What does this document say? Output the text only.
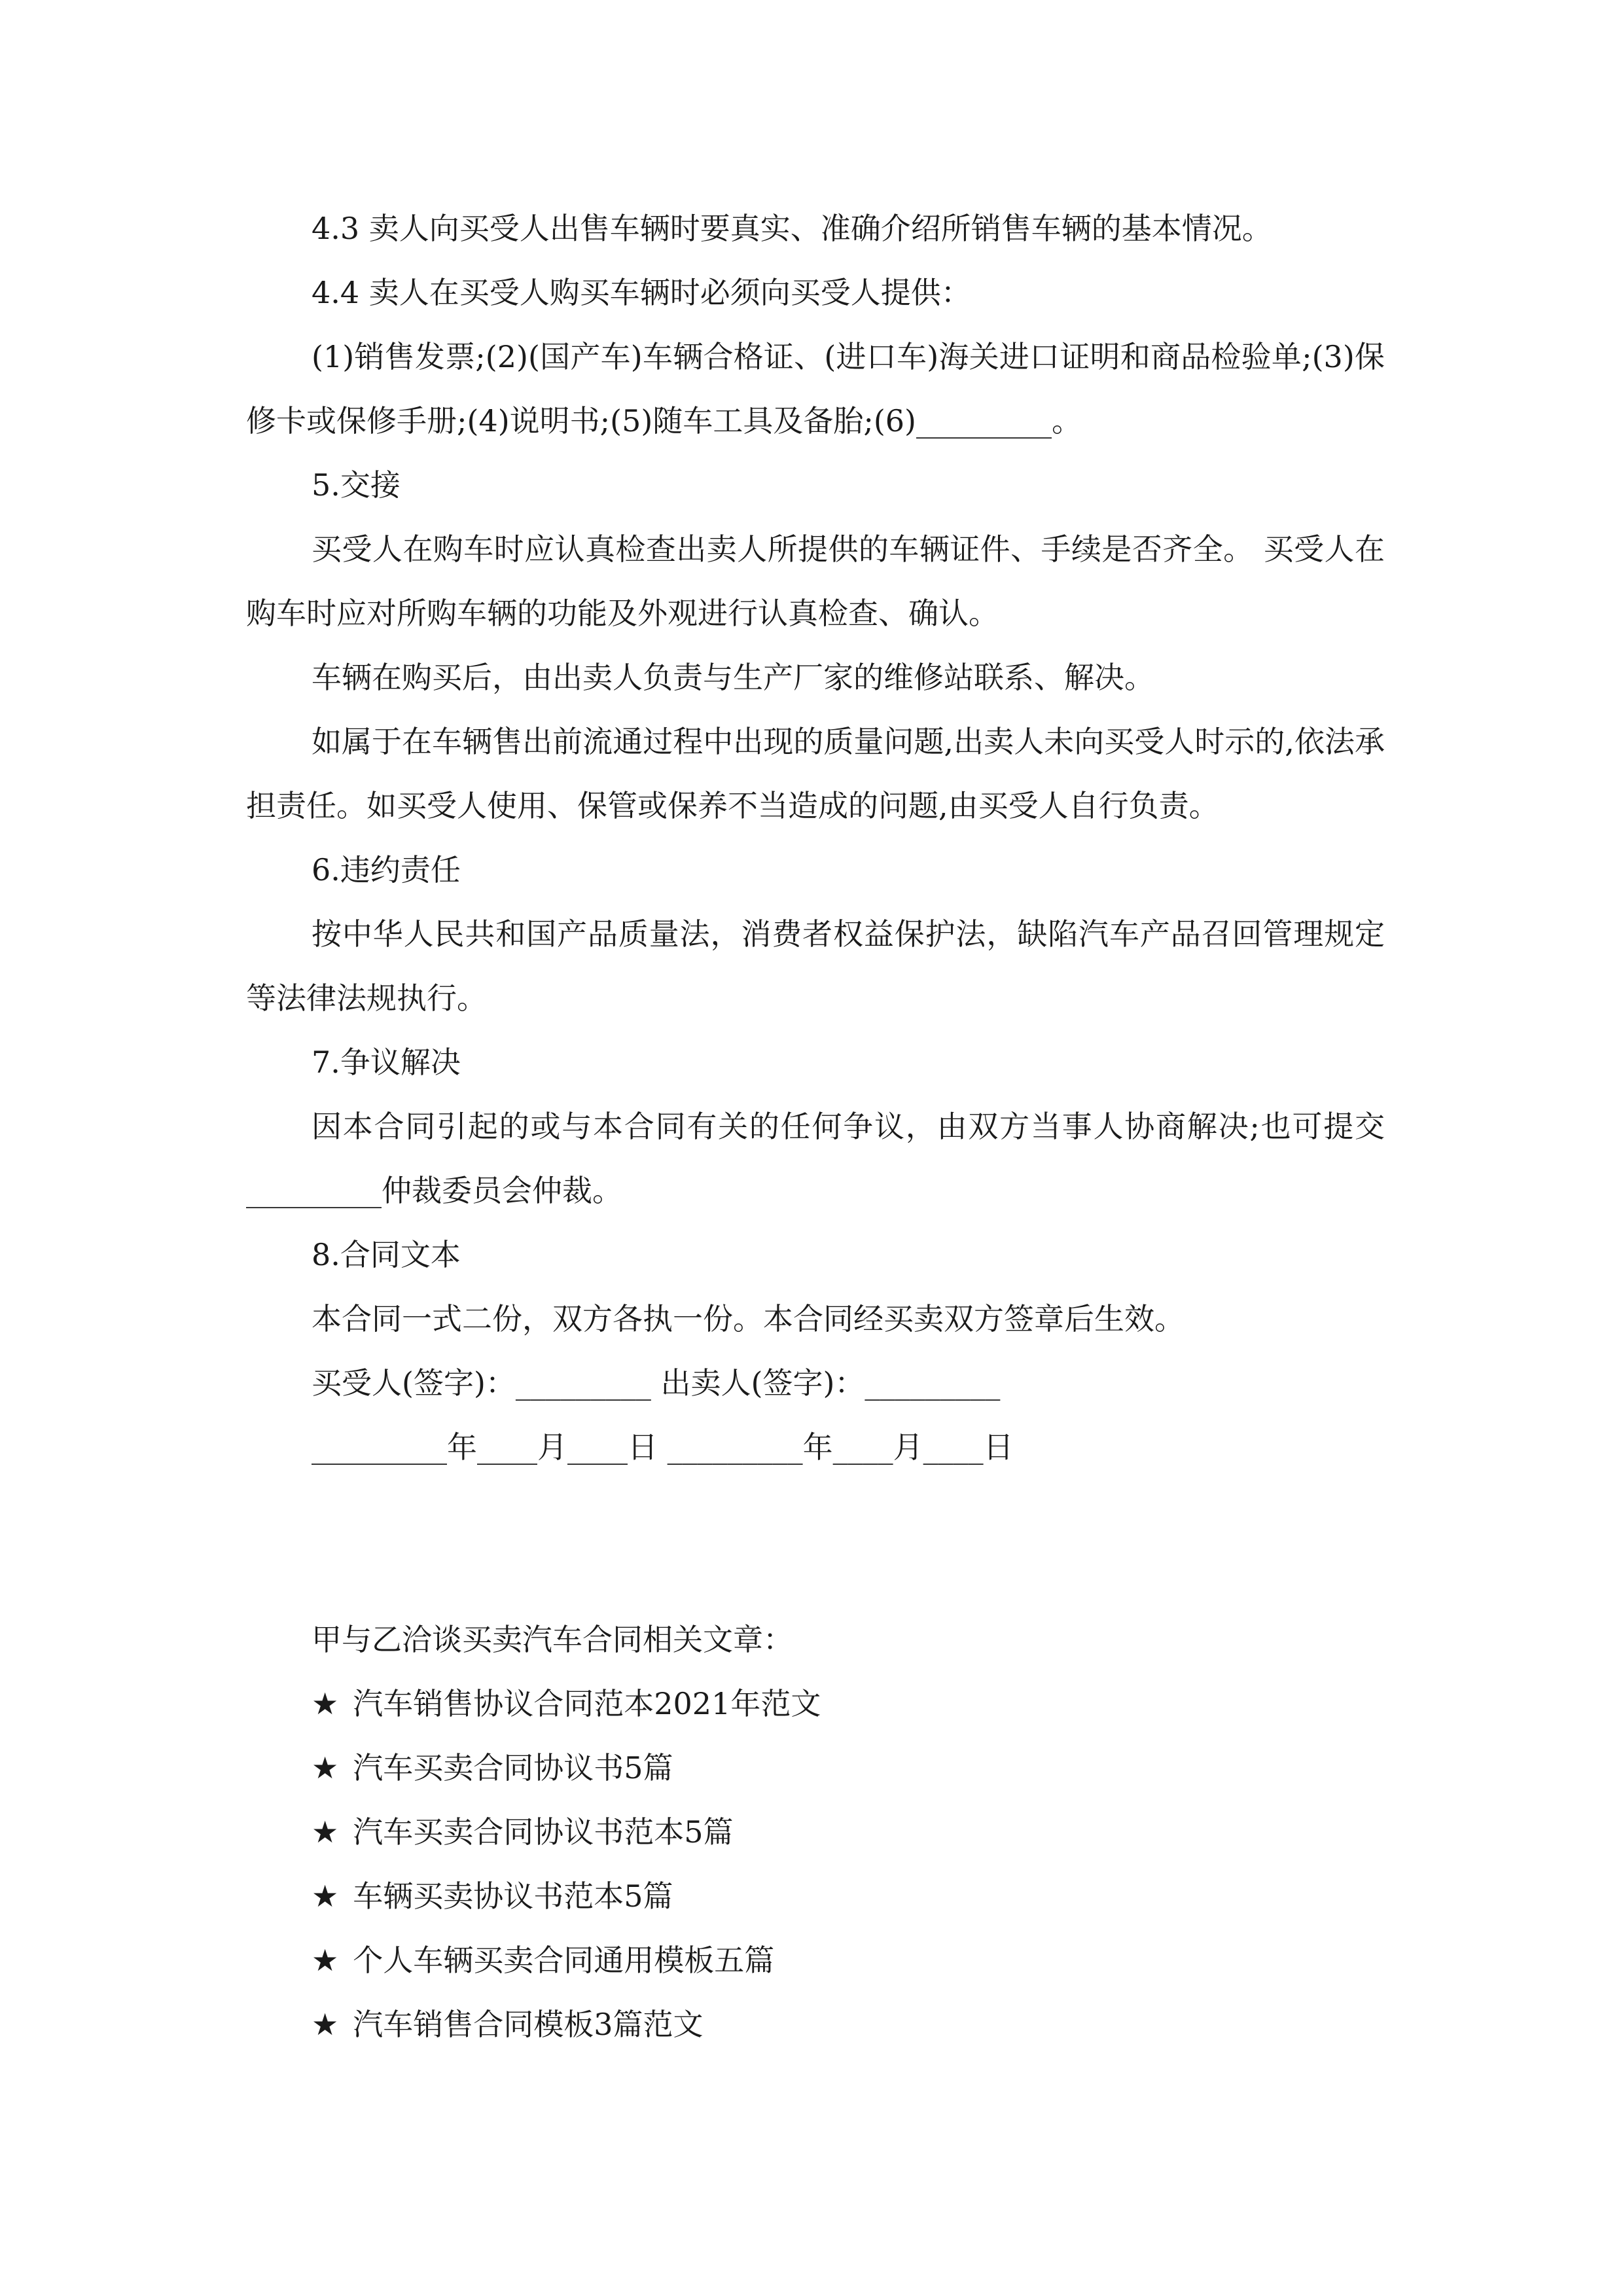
4.3 卖人向买受人出售车辆时要真实、准确介绍所销售车辆的基本情况。

4.4 卖人在买受人购买车辆时必须向买受人提供：

(1)销售发票;(2)(国产车)车辆合格证、(进口车)海关进口证明和商品检验单;(3)保修卡或保修手册;(4)说明书;(5)随车工具及备胎;(6)_________。

5.交接

买受人在购车时应认真检查出卖人所提供的车辆证件、手续是否齐全。 买受人在购车时应对所购车辆的功能及外观进行认真检查、确认。

车辆在购买后，由出卖人负责与生产厂家的维修站联系、解决。

如属于在车辆售出前流通过程中出现的质量问题,出卖人未向买受人时示的,依法承担责任。如买受人使用、保管或保养不当造成的问题,由买受人自行负责。

6.违约责任

按中华人民共和国产品质量法，消费者权益保护法，缺陷汽车产品召回管理规定等法律法规执行。

7.争议解决

因本合同引起的或与本合同有关的任何争议，由双方当事人协商解决;也可提交_________仲裁委员会仲裁。

8.合同文本

本合同一式二份，双方各执一份。本合同经买卖双方签章后生效。

买受人(签字)：_________ 出卖人(签字)：_________

_________年____月____日 _________年____月____日

甲与乙洽谈买卖汽车合同相关文章：

★ 汽车销售协议合同范本2021年范文
★ 汽车买卖合同协议书5篇
★ 汽车买卖合同协议书范本5篇
★ 车辆买卖协议书范本5篇
★ 个人车辆买卖合同通用模板五篇
★ 汽车销售合同模板3篇范文
